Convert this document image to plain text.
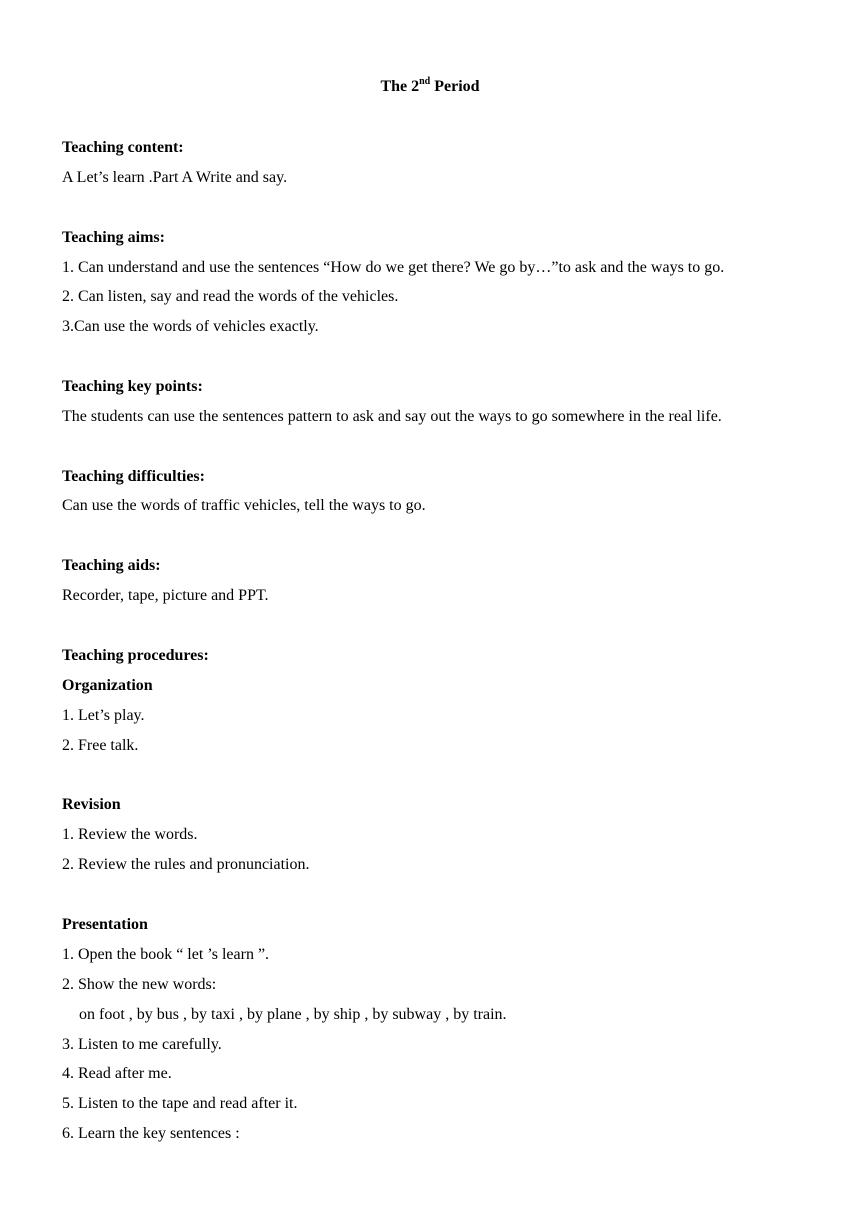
The 2nd Period
Teaching content:
A Let’s learn .Part A Write and say.
Teaching aims:
1. Can understand and use the sentences “How do we get there? We go by…”to ask and the ways to go.
2. Can listen, say and read the words of the vehicles.
3.Can use the words of vehicles exactly.
Teaching key points:
The students can use the sentences pattern to ask and say out the ways to go somewhere in the real life.
Teaching difficulties:
Can use the words of traffic vehicles, tell the ways to go.
Teaching aids:
Recorder, tape, picture and PPT.
Teaching procedures:
Organization
1. Let’s play.
2. Free talk.
Revision
1. Review the words.
2. Review the rules and pronunciation.
Presentation
1. Open the book “ let ’s learn ”.
2. Show the new words:
on foot , by bus , by taxi , by plane , by ship , by subway , by train.
3. Listen to me carefully.
4. Read after me.
5. Listen to the tape and read after it.
6. Learn the key sentences :
